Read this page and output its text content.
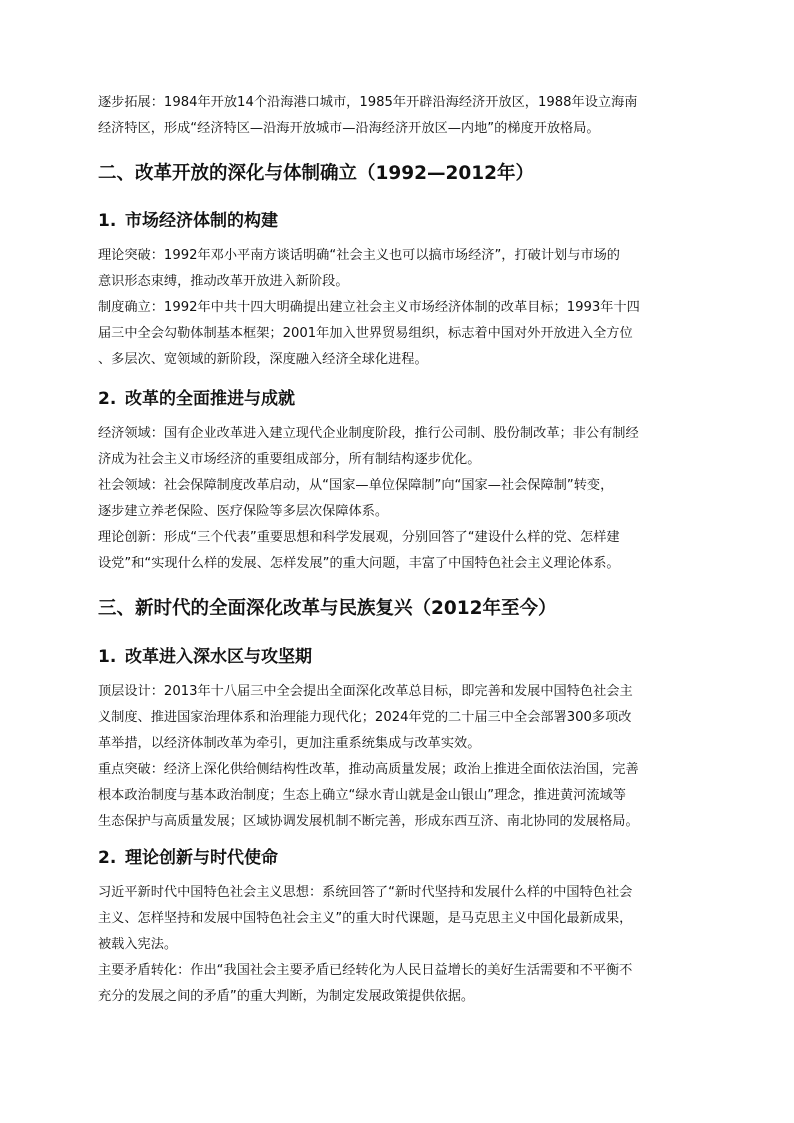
逐步拓展：1984年开放14个沿海港口城市，1985年开辟沿海经济开放区，1988年设立海南
经济特区，形成“经济特区—沿海开放城市—沿海经济开放区—内地”的梯度开放格局。

二、改革开放的深化与体制确立（1992—2012年）
1. 市场经济体制的构建

理论突破：1992年邓小平南方谈话明确“社会主义也可以搞市场经济”，打破计划与市场的
意识形态束缚，推动改革开放进入新阶段。

制度确立：1992年中共十四大明确提出建立社会主义市场经济体制的改革目标；1993年十四
届三中全会勾勒体制基本框架；2001年加入世界贸易组织，标志着中国对外开放进入全方位
、多层次、宽领域的新阶段，深度融入经济全球化进程。

2. 改革的全面推进与成就

经济领域：国有企业改革进入建立现代企业制度阶段，推行公司制、股份制改革；非公有制经
济成为社会主义市场经济的重要组成部分，所有制结构逐步优化。

社会领域：社会保障制度改革启动，从“国家—单位保障制”向“国家—社会保障制”转变，
逐步建立养老保险、医疗保险等多层次保障体系。

理论创新：形成“三个代表”重要思想和科学发展观，分别回答了“建设什么样的党、怎样建
设党”和“实现什么样的发展、怎样发展”的重大问题，丰富了中国特色社会主义理论体系。

三、新时代的全面深化改革与民族复兴（2012年至今）
1. 改革进入深水区与攻坚期

顶层设计：2013年十八届三中全会提出全面深化改革总目标，即完善和发展中国特色社会主
义制度、推进国家治理体系和治理能力现代化；2024年党的二十届三中全会部署300多项改
革举措，以经济体制改革为牵引，更加注重系统集成与改革实效。

重点突破：经济上深化供给侧结构性改革，推动高质量发展；政治上推进全面依法治国，完善
根本政治制度与基本政治制度；生态上确立“绿水青山就是金山银山”理念，推进黄河流域等
生态保护与高质量发展；区域协调发展机制不断完善，形成东西互济、南北协同的发展格局。

2. 理论创新与时代使命

习近平新时代中国特色社会主义思想：系统回答了“新时代坚持和发展什么样的中国特色社会
主义、怎样坚持和发展中国特色社会主义”的重大时代课题，是马克思主义中国化最新成果，
被载入宪法。

主要矛盾转化：作出“我国社会主要矛盾已经转化为人民日益增长的美好生活需要和不平衡不
充分的发展之间的矛盾”的重大判断，为制定发展政策提供依据。
